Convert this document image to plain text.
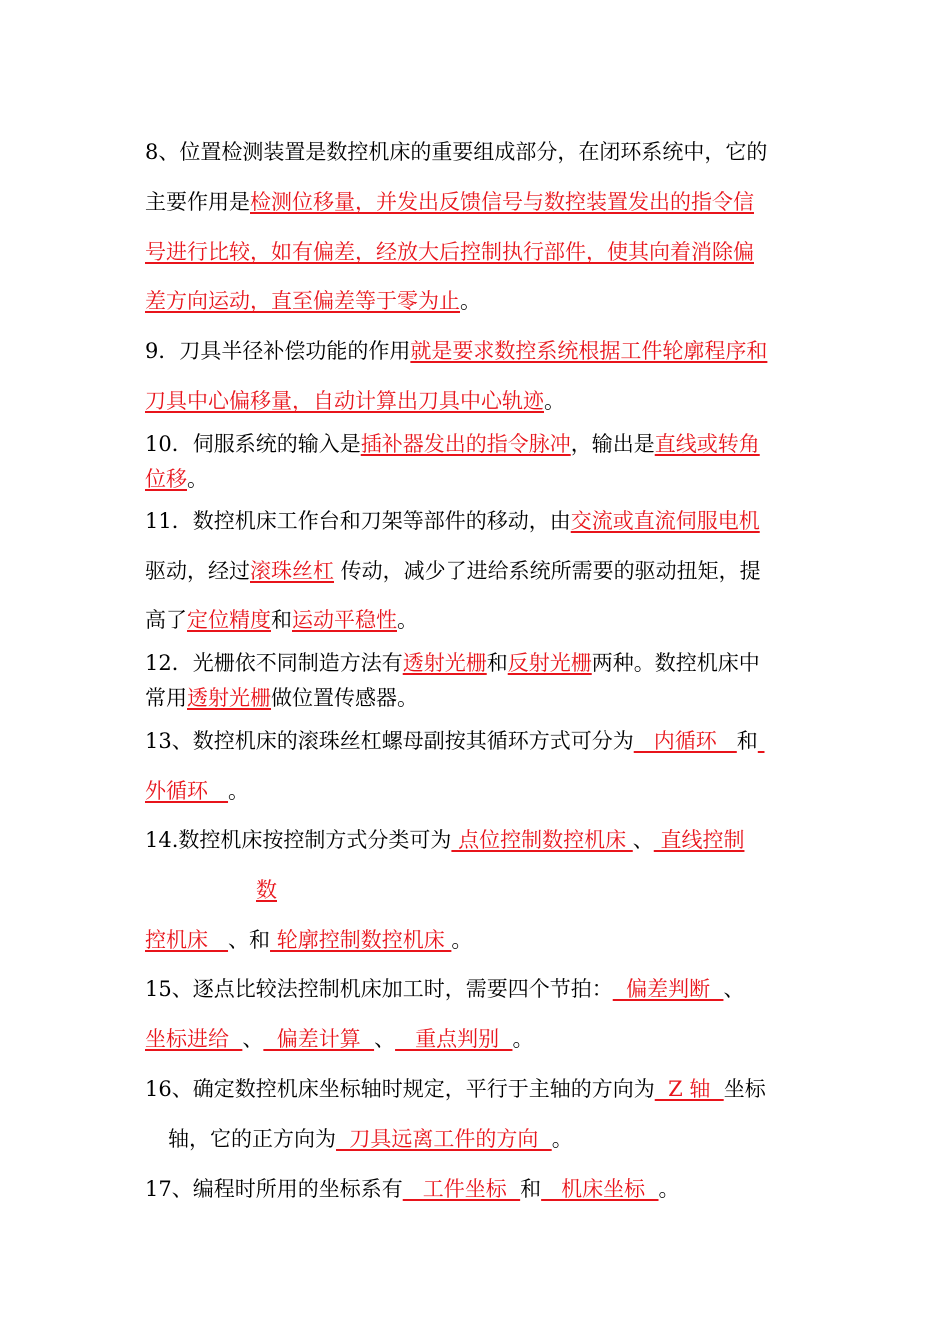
8、位置检测装置是数控机床的重要组成部分，在闭环系统中，它的
主要作用是检测位移量，并发出反馈信号与数控装置发出的指令信
号进行比较，如有偏差，经放大后控制执行部件，使其向着消除偏
差方向运动，直至偏差等于零为止。
9．刀具半径补偿功能的作用就是要求数控系统根据工件轮廓程序和
刀具中心偏移量，自动计算出刀具中心轨迹。
10．伺服系统的输入是插补器发出的指令脉冲，输出是直线或转角
位移。
11．数控机床工作台和刀架等部件的移动，由交流或直流伺服电机
驱动，经过滚珠丝杠 传动，减少了进给系统所需要的驱动扭矩，提
高了定位精度和运动平稳性。
12．光栅依不同制造方法有透射光栅和反射光栅两种。数控机床中
常用透射光栅做位置传感器。
13、数控机床的滚珠丝杠螺母副按其循环方式可分为   内循环   和
外循环   。
14.数控机床按控制方式分类可为 点位控制数控机床 、 直线控制
数
控机床   、和 轮廓控制数控机床 。
15、逐点比较法控制机床加工时，需要四个节拍：  偏差判断  、
坐标进给  、  偏差计算  、   重点判别  。
16、确定数控机床坐标轴时规定，平行于主轴的方向为  Z 轴  坐标
轴，它的正方向为  刀具远离工件的方向  。
17、编程时所用的坐标系有   工件坐标  和   机床坐标  。
